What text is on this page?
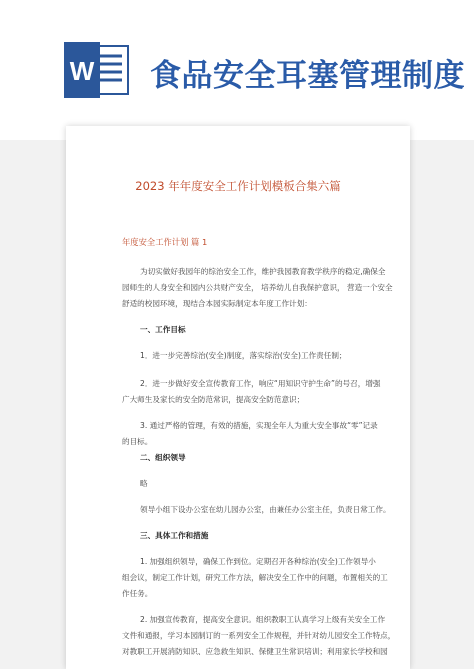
W 食品安全耳塞管理制度
2023 年年度安全工作计划模板合集六篇
年度安全工作计划 篇 1
为切实做好我园年的综治安全工作，维护我园教育教学秩序的稳定,确保全
园师生的人身安全和园内公共财产安全， 培养幼儿自我保护意识， 营造一个安全
舒适的校园环境，现结合本园实际制定本年度工作计划：
一、工作目标
1．进一步完善综治(安全)制度，落实综治(安全)工作责任制；
2．进一步做好安全宣传教育工作，响应“用知识守护生命”的号召，增强
广大师生及家长的安全防范常识，提高安全防范意识；
3. 通过严格的管理，有效的措施，实现全年人为重大安全事故“零”记录
的目标。
二、组织领导
略
领导小组下设办公室在幼儿园办公室，由兼任办公室主任，负责日常工作。
三、具体工作和措施
1. 加强组织领导，确保工作到位。定期召开各种综治(安全)工作领导小
组会议，制定工作计划，研究工作方法，解决安全工作中的问题，布置相关的工
作任务。
2. 加强宣传教育，提高安全意识。组织教职工认真学习上级有关安全工作
文件和通报，学习本园制订的一系列安全工作规程，并针对幼儿园安全工作特点，
对教职工开展消防知识、应急救生知识、保健卫生常识培训；利用家长学校和园
